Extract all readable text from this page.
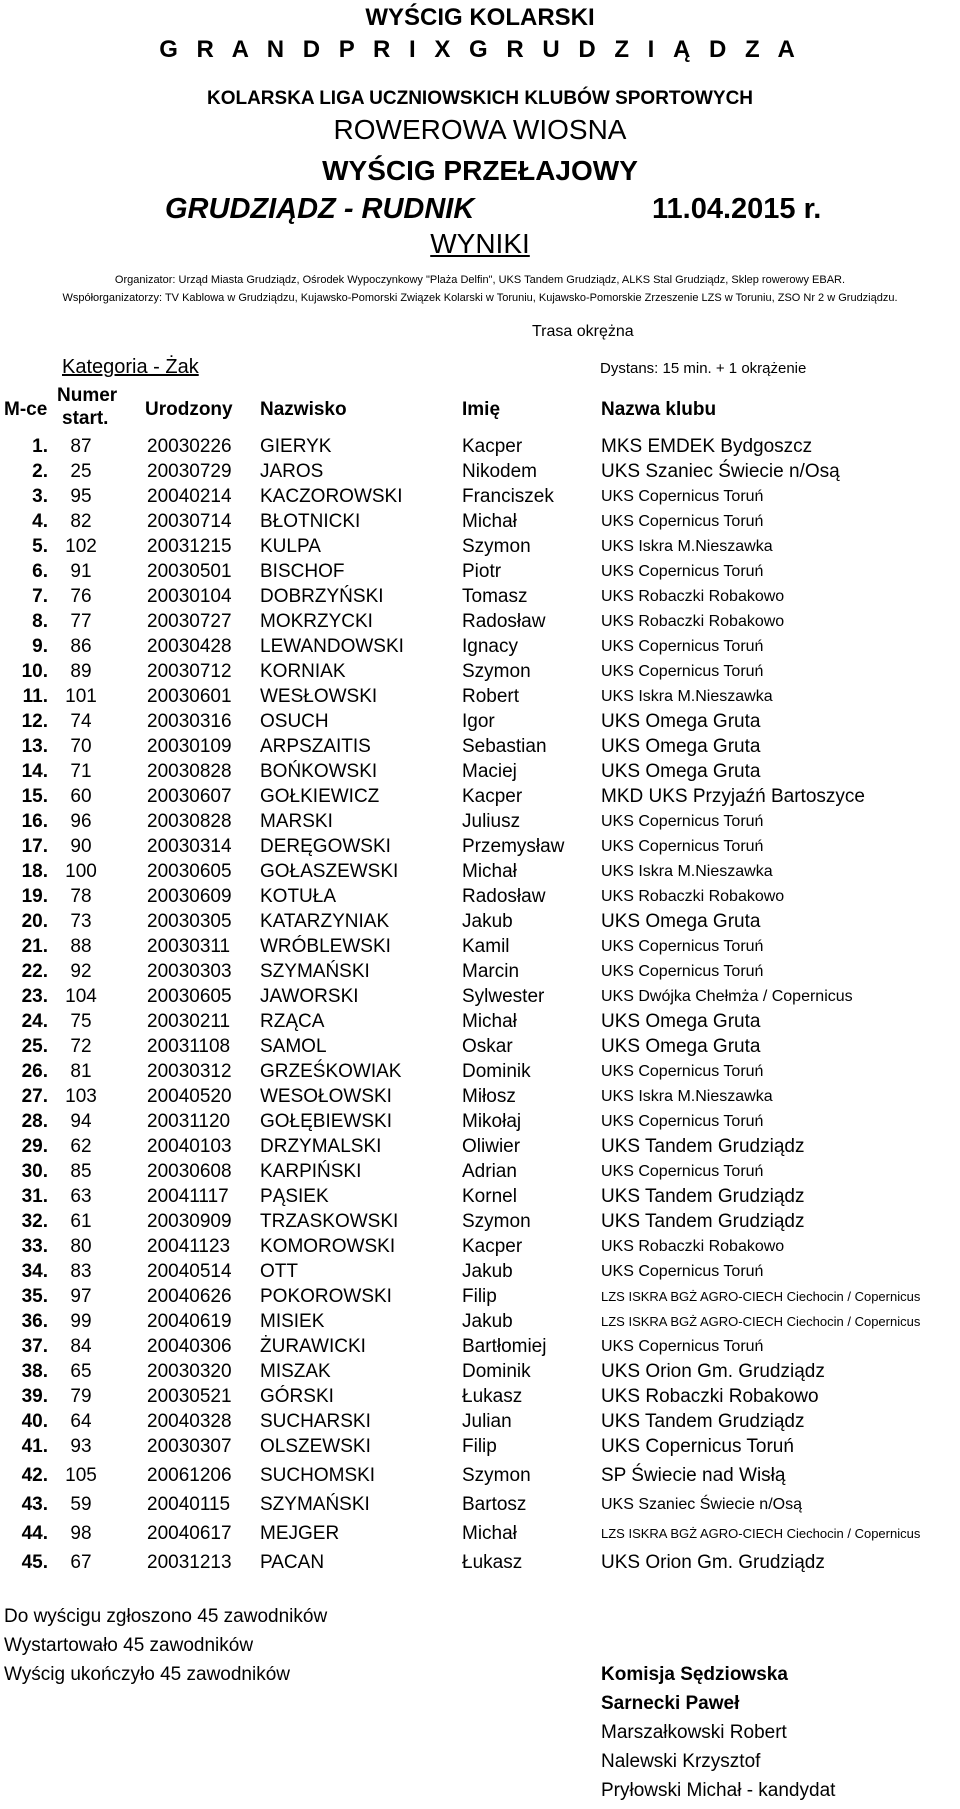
WYŚCIG KOLARSKI
G R A N D P R I X G R U D Z I Ą D Z A
KOLARSKA LIGA UCZNIOWSKICH KLUBÓW SPORTOWYCH
ROWEROWA WIOSNA
WYŚCIG PRZEŁAJOWY
GRUDZIĄDZ - RUDNIK	11.04.2015 r.
WYNIKI
Organizator: Urząd Miasta Grudziądz, Ośrodek Wypoczynkowy "Plaża Delfin", UKS Tandem Grudziądz, ALKS Stal Grudziądz, Sklep rowerowy EBAR.
Współorganizatorzy: TV Kablowa w Grudziądzu, Kujawsko-Pomorski Związek Kolarski w Toruniu, Kujawsko-Pomorskie Zrzeszenie LZS w Toruniu, ZSO Nr 2 w Grudziądzu.
Trasa okrężna
Kategoria - Żak	Dystans: 15 min. + 1 okrążenie
M-ce
Numer
start. Urodzony Nazwisko	Imię	Nazwa klubu
1.	87	20030226 GIERYK	Kacper	MKS EMDEK Bydgoszcz
2.	25	20030729 JAROS	Nikodem	UKS Szaniec Świecie n/Osą
3.	95	20040214 KACZOROWSKI	Franciszek	UKS Copernicus Toruń
4.	82	20030714 BŁOTNICKI	Michał	UKS Copernicus Toruń
5. 102	20031215 KULPA	Szymon	UKS Iskra M.Nieszawka
6.	91	20030501 BISCHOF	Piotr	UKS Copernicus Toruń
7.	76	20030104 DOBRZYŃSKI	Tomasz	UKS Robaczki Robakowo
8.	77	20030727 MOKRZYCKI	Radosław	UKS Robaczki Robakowo
9.	86	20030428 LEWANDOWSKI	Ignacy	UKS Copernicus Toruń
10.	89	20030712 KORNIAK	Szymon	UKS Copernicus Toruń
11. 101	20030601 WESŁOWSKI	Robert	UKS Iskra M.Nieszawka
12.	74	20030316 OSUCH	Igor	UKS Omega Gruta
13.	70	20030109 ARPSZAITIS	Sebastian	UKS Omega Gruta
14.	71	20030828 BOŃKOWSKI	Maciej	UKS Omega Gruta
15.	60	20030607 GOŁKIEWICZ	Kacper	MKD UKS Przyjaźń Bartoszyce
16.	96	20030828 MARSKI	Juliusz	UKS Copernicus Toruń
17.	90	20030314 DERĘGOWSKI	Przemysław UKS Copernicus Toruń
18. 100	20030605 GOŁASZEWSKI	Michał	UKS Iskra M.Nieszawka
19.	78	20030609 KOTUŁA	Radosław	UKS Robaczki Robakowo
20.	73	20030305 KATARZYNIAK	Jakub	UKS Omega Gruta
21.	88	20030311 WRÓBLEWSKI	Kamil	UKS Copernicus Toruń
22.	92	20030303 SZYMAŃSKI	Marcin	UKS Copernicus Toruń
23. 104	20030605 JAWORSKI	Sylwester	UKS Dwójka Chełmża / Copernicus
24.	75	20030211 RZĄCA	Michał	UKS Omega Gruta
25.	72	20031108 SAMOL	Oskar	UKS Omega Gruta
26.	81	20030312 GRZEŚKOWIAK	Dominik	UKS Copernicus Toruń
27. 103	20040520 WESOŁOWSKI	Miłosz	UKS Iskra M.Nieszawka
28.	94	20031120 GOŁĘBIEWSKI	Mikołaj	UKS Copernicus Toruń
29.	62	20040103 DRZYMALSKI	Oliwier	UKS Tandem Grudziądz
30.	85	20030608 KARPIŃSKI	Adrian	UKS Copernicus Toruń
31.	63	20041117 PĄSIEK	Kornel	UKS Tandem Grudziądz
32.	61	20030909 TRZASKOWSKI	Szymon	UKS Tandem Grudziądz
33.	80	20041123 KOMOROWSKI	Kacper	UKS Robaczki Robakowo
34.	83	20040514 OTT	Jakub	UKS Copernicus Toruń
35.	97	20040626 POKOROWSKI	Filip	LZS ISKRA BGŻ AGRO-CIECH Ciechocin / Copernicus
36.	99	20040619 MISIEK	Jakub	LZS ISKRA BGŻ AGRO-CIECH Ciechocin / Copernicus
37.	84	20040306 ŻURAWICKI	Bartłomiej	UKS Copernicus Toruń
38.	65	20030320 MISZAK	Dominik	UKS Orion Gm. Grudziądz
39.	79	20030521 GÓRSKI	Łukasz	UKS Robaczki Robakowo
40.	64	20040328 SUCHARSKI	Julian	UKS Tandem Grudziądz
41.	93	20030307 OLSZEWSKI	Filip	UKS Copernicus Toruń
42. 105	20061206 SUCHOMSKI	Szymon	SP Świecie nad Wisłą
43.	59	20040115 SZYMAŃSKI	Bartosz	UKS Szaniec Świecie n/Osą
44.	98	20040617 MEJGER	Michał	LZS ISKRA BGŻ AGRO-CIECH Ciechocin / Copernicus
45.	67	20031213 PACAN	Łukasz	UKS Orion Gm. Grudziądz
Do wyścigu zgłoszono 45 zawodników
Wystartowało 45 zawodników
Wyścig ukończyło 45 zawodników	Komisja Sędziowska
Sarnecki Paweł
Marszałkowski Robert
Nalewski Krzysztof
Pryłowski Michał - kandydat
